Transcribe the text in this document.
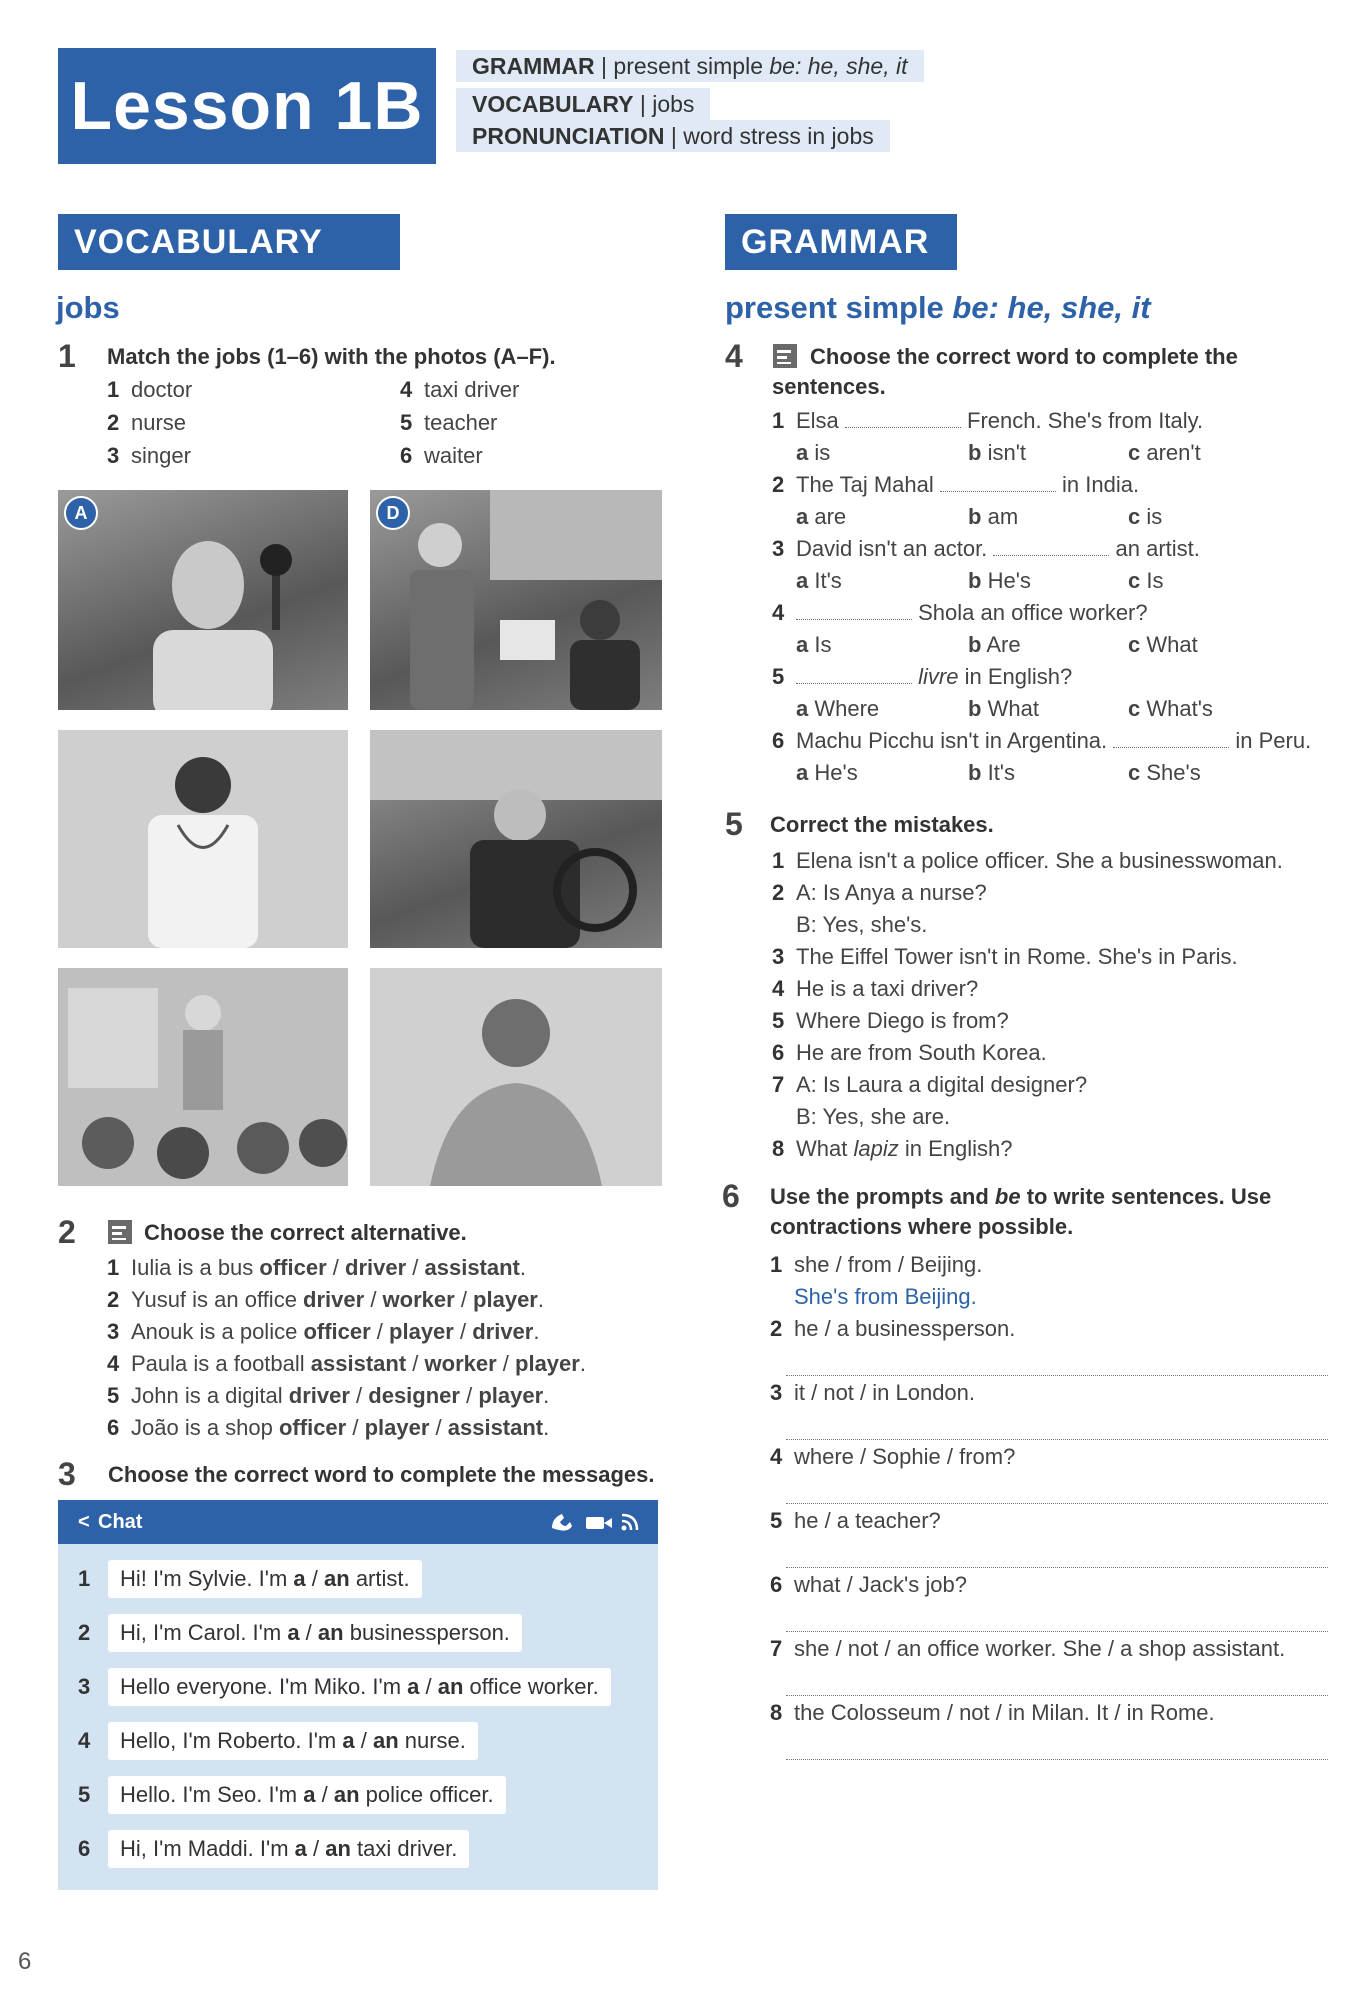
Lesson 1B
GRAMMAR | present simple be: he, she, it
VOCABULARY | jobs
PRONUNCIATION | word stress in jobs
VOCABULARY
jobs
1 Match the jobs (1–6) with the photos (A–F).
1 doctor
2 nurse
3 singer
4 taxi driver
5 teacher
6 waiter
A	D
2	Choose the correct alternative.
1 Iulia is a bus officer / driver / assistant.
2 Yusuf is an office driver / worker / player.
3 Anouk is a police officer / player / driver.
4 Paula is a football assistant / worker / player.
5 John is a digital driver / designer / player.
6 João is a shop officer / player / assistant.
3 Choose the correct word to complete the messages.
< Chat
1	Hi! I'm Sylvie. I'm a / an artist.
2	Hi, I'm Carol. I'm a / an businessperson.
3	Hello everyone. I'm Miko. I'm a / an office worker.
4	Hello, I'm Roberto. I'm a / an nurse.
5	Hello. I'm Seo. I'm a / an police officer.
6	Hi, I'm Maddi. I'm a / an taxi driver.
GRAMMAR
present simple be: he, she, it
4	Choose the correct word to complete the
sentences.
1 Elsa	French. She's from Italy.
a is	b isn't	c aren't
2 The Taj Mahal	in India.
a are	b am	c is
3 David isn't an actor.	an artist.
a It's	b He's	c Is
4	Shola an office worker?
a Is	b Are	c What
5	livre in English?
a Where	b What	c What's
6 Machu Picchu isn't in Argentina.	in Peru.
a He's	b It's	c She's
5 Correct the mistakes.
1 Elena isn't a police officer. She a businesswoman.
2 A: Is Anya a nurse?
B: Yes, she's.
3 The Eiffel Tower isn't in Rome. She's in Paris.
4 He is a taxi driver?
5 Where Diego is from?
6 He are from South Korea.
7 A: Is Laura a digital designer?
B: Yes, she are.
8 What lapiz in English?
6 Use the prompts and be to write sentences. Use
contractions where possible.
1 she / from / Beijing.
She's from Beijing.
2 he / a businessperson.
3 it / not / in London.
4 where / Sophie / from?
5 he / a teacher?
6 what / Jack's job?
7 she / not / an office worker. She / a shop assistant.
8 the Colosseum / not / in Milan. It / in Rome.
6
